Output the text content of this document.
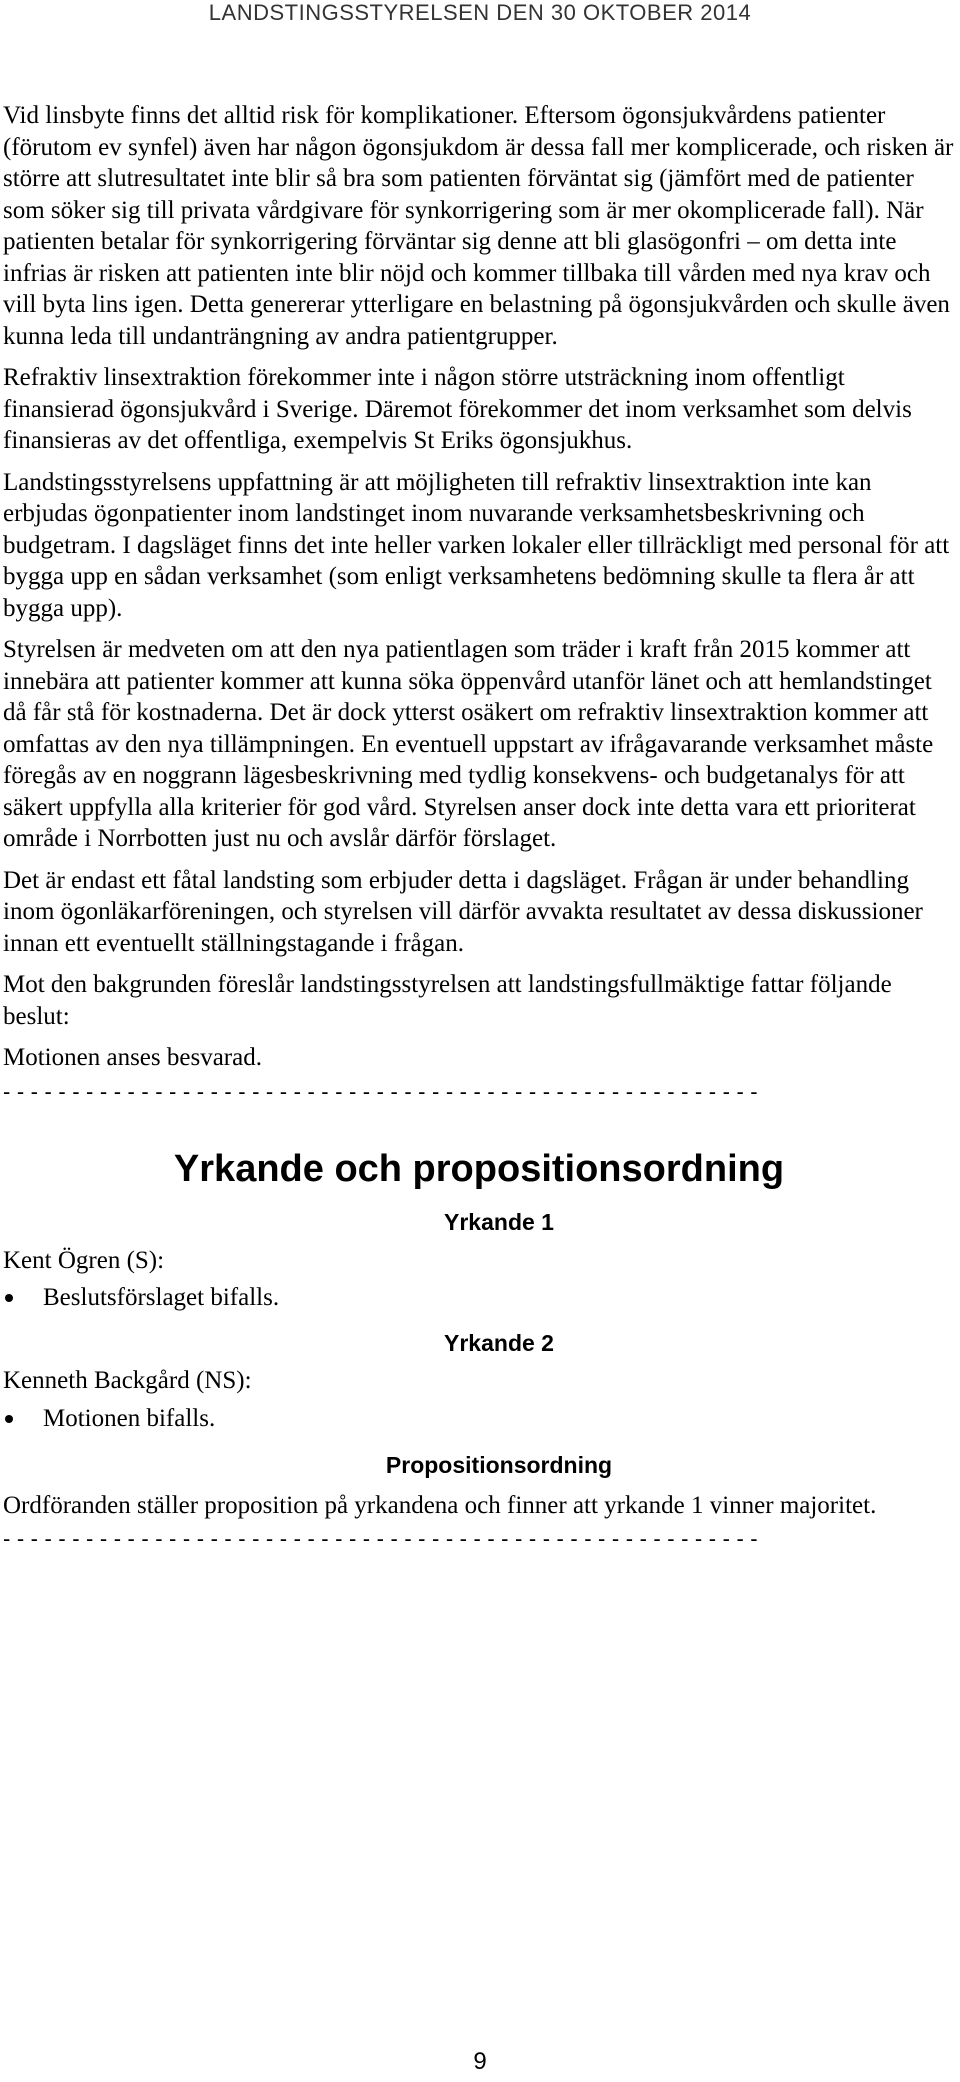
LANDSTINGSSTYRELSEN DEN 30 OKTOBER 2014

Vid linsbyte finns det alltid risk för komplikationer. Eftersom ögonsjukvårdens patienter (förutom ev synfel) även har någon ögonsjukdom är dessa fall mer komplicerade, och risken är större att slutresultatet inte blir så bra som patienten förväntat sig (jämfört med de patienter som söker sig till privata vårdgivare för synkorrigering som är mer okomplicerade fall). När patienten betalar för synkorrigering förväntar sig denne att bli glasögonfri – om detta inte infrias är risken att patienten inte blir nöjd och kommer tillbaka till vården med nya krav och vill byta lins igen. Detta genererar ytterligare en belastning på ögonsjukvården och skulle även kunna leda till undanträngning av andra patientgrupper.

Refraktiv linsextraktion förekommer inte i någon större utsträckning inom offentligt finansierad ögonsjukvård i Sverige. Däremot förekommer det inom verksamhet som delvis finansieras av det offentliga, exempelvis St Eriks ögonsjukhus.

Landstingsstyrelsens uppfattning är att möjligheten till refraktiv linsextraktion inte kan erbjudas ögonpatienter inom landstinget inom nuvarande verksamhetsbeskrivning och budgetram. I dagsläget finns det inte heller varken lokaler eller tillräckligt med personal för att bygga upp en sådan verksamhet (som enligt verksamhetens bedömning skulle ta flera år att bygga upp).

Styrelsen är medveten om att den nya patientlagen som träder i kraft från 2015 kommer att innebära att patienter kommer att kunna söka öppenvård utanför länet och att hemlandstinget då får stå för kostnaderna. Det är dock ytterst osäkert om refraktiv linsextraktion kommer att omfattas av den nya tillämpningen. En eventuell uppstart av ifrågavarande verksamhet måste föregås av en noggrann lägesbeskrivning med tydlig konsekvens- och budgetanalys för att säkert uppfylla alla kriterier för god vård. Styrelsen anser dock inte detta vara ett prioriterat område i Norrbotten just nu och avslår därför förslaget.

Det är endast ett fåtal landsting som erbjuder detta i dagsläget. Frågan är under behandling inom ögonläkarföreningen, och styrelsen vill därför avvakta resultatet av dessa diskussioner innan ett eventuellt ställningstagande i frågan.

Mot den bakgrunden föreslår landstingsstyrelsen att landstingsfullmäktige fattar följande beslut:

Motionen anses besvarad.

- - - - - - - - - - - - - - - - - - - - - - - - - - - - - - - - - - - - - - - - - - - - - - - - - - - - - - -
Yrkande och propositionsordning
Yrkande 1
Kent Ögren (S):
Beslutsförslaget bifalls.
Yrkande 2
Kenneth Backgård (NS):
Motionen bifalls.
Propositionsordning

Ordföranden ställer proposition på yrkandena och finner att yrkande 1 vinner majoritet.

- - - - - - - - - - - - - - - - - - - - - - - - - - - - - - - - - - - - - - - - - - - - - - - - - - - - - - -
9
